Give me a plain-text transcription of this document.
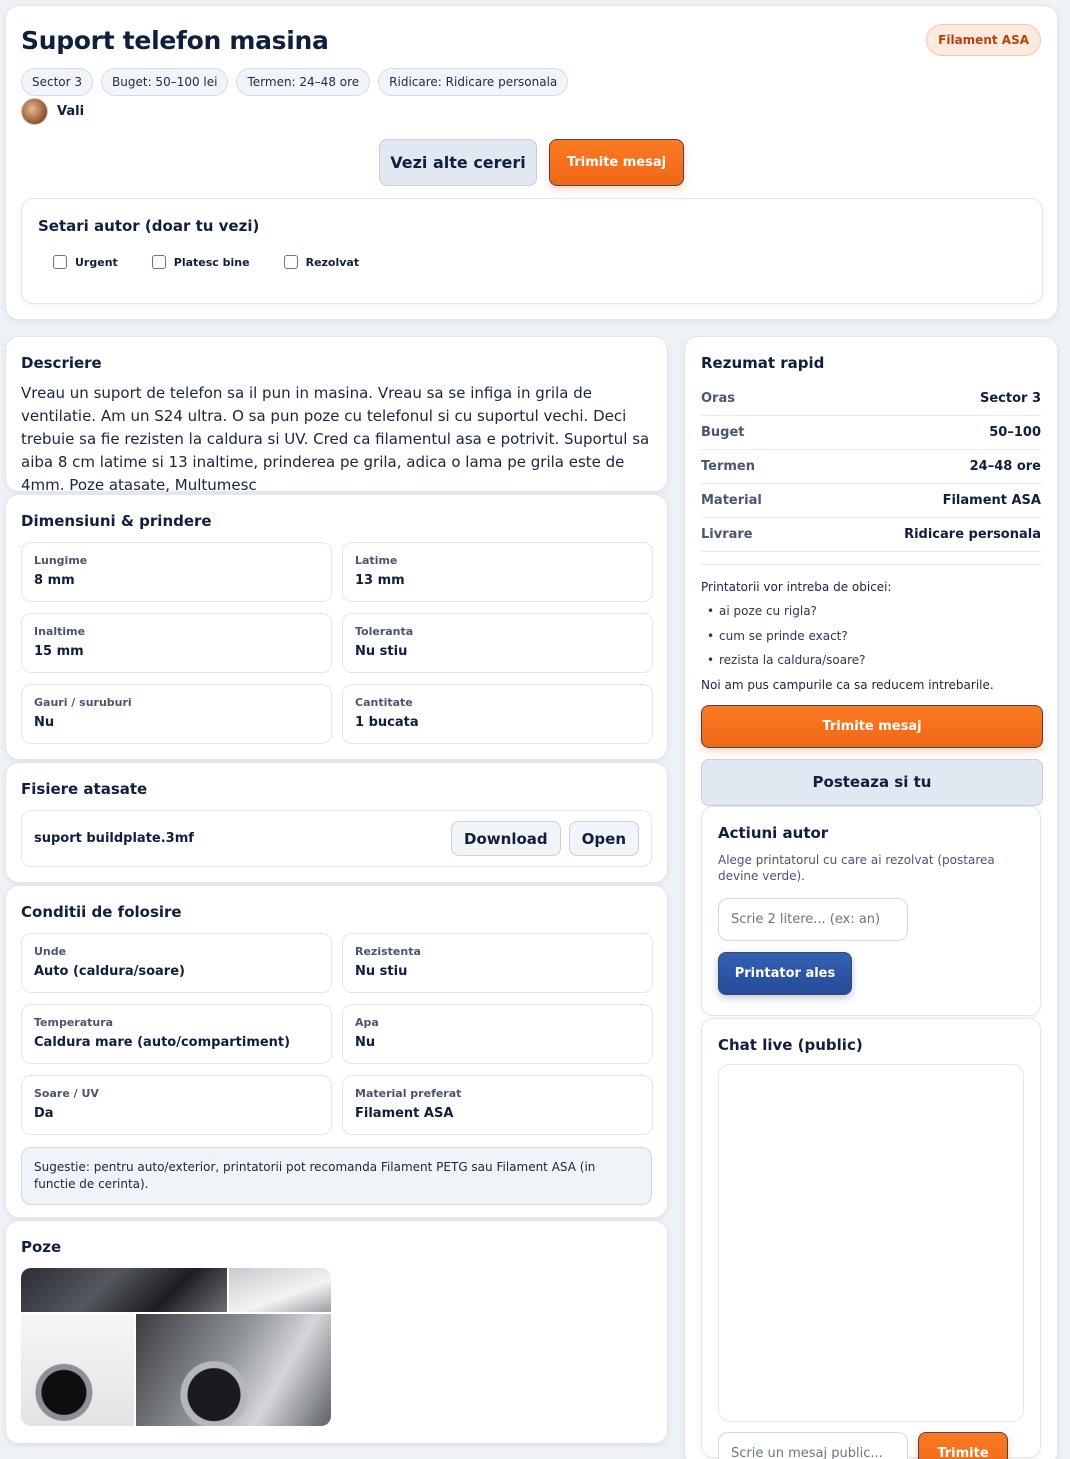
Suport telefon masina	Filament ASA
Sector 3	Buget: 50–100 lei	Termen: 24–48 ore	Ridicare: Ridicare personala
Vali
Vezi alte cereri	Trimite mesaj
Setari autor (doar tu vezi)
Urgent	Platesc bine	Rezolvat
Descriere

Vreau un suport de telefon sa il pun in masina. Vreau sa se infiga in grila de ventilatie. Am un S24 ultra. O sa pun poze cu telefonul si cu suportul vechi. Deci trebuie sa fie rezisten la caldura si UV. Cred ca filamentul asa e potrivit. Suportul sa aiba 8 cm latime si 13 inaltime, prinderea pe grila, adica o lama pe grila este de 4mm. Poze atasate, Multumesc

Dimensiuni & prindere
Lungime
8 mm
Latime
13 mm
Inaltime
15 mm
Toleranta
Nu stiu
Gauri / suruburi
Nu
Cantitate
1 bucata
Fisiere atasate
suport buildplate.3mf	Download	Open
Conditii de folosire
Unde
Auto (caldura/soare)
Rezistenta
Nu stiu
Temperatura
Caldura mare (auto/compartiment)
Apa
Nu
Soare / UV
Da
Material preferat
Filament ASA
Sugestie: pentru auto/exterior, printatorii pot recomanda Filament PETG sau Filament ASA (in functie de cerinta).
Poze
Rezumat rapid
Oras	Sector 3
Buget	50–100
Termen	24–48 ore
Material	Filament ASA
Livrare	Ridicare personala
Printatorii vor intreba de obicei:
• ai poze cu rigla?
• cum se prinde exact?
• rezista la caldura/soare?
Noi am pus campurile ca sa reducem intrebarile.
Trimite mesaj
Posteaza si tu
Actiuni autor
Alege printatorul cu care ai rezolvat (postarea devine verde).
Scrie 2 litere... (ex: an) Printator ales
Chat live (public)
Scrie un mesaj public...
Trimite
